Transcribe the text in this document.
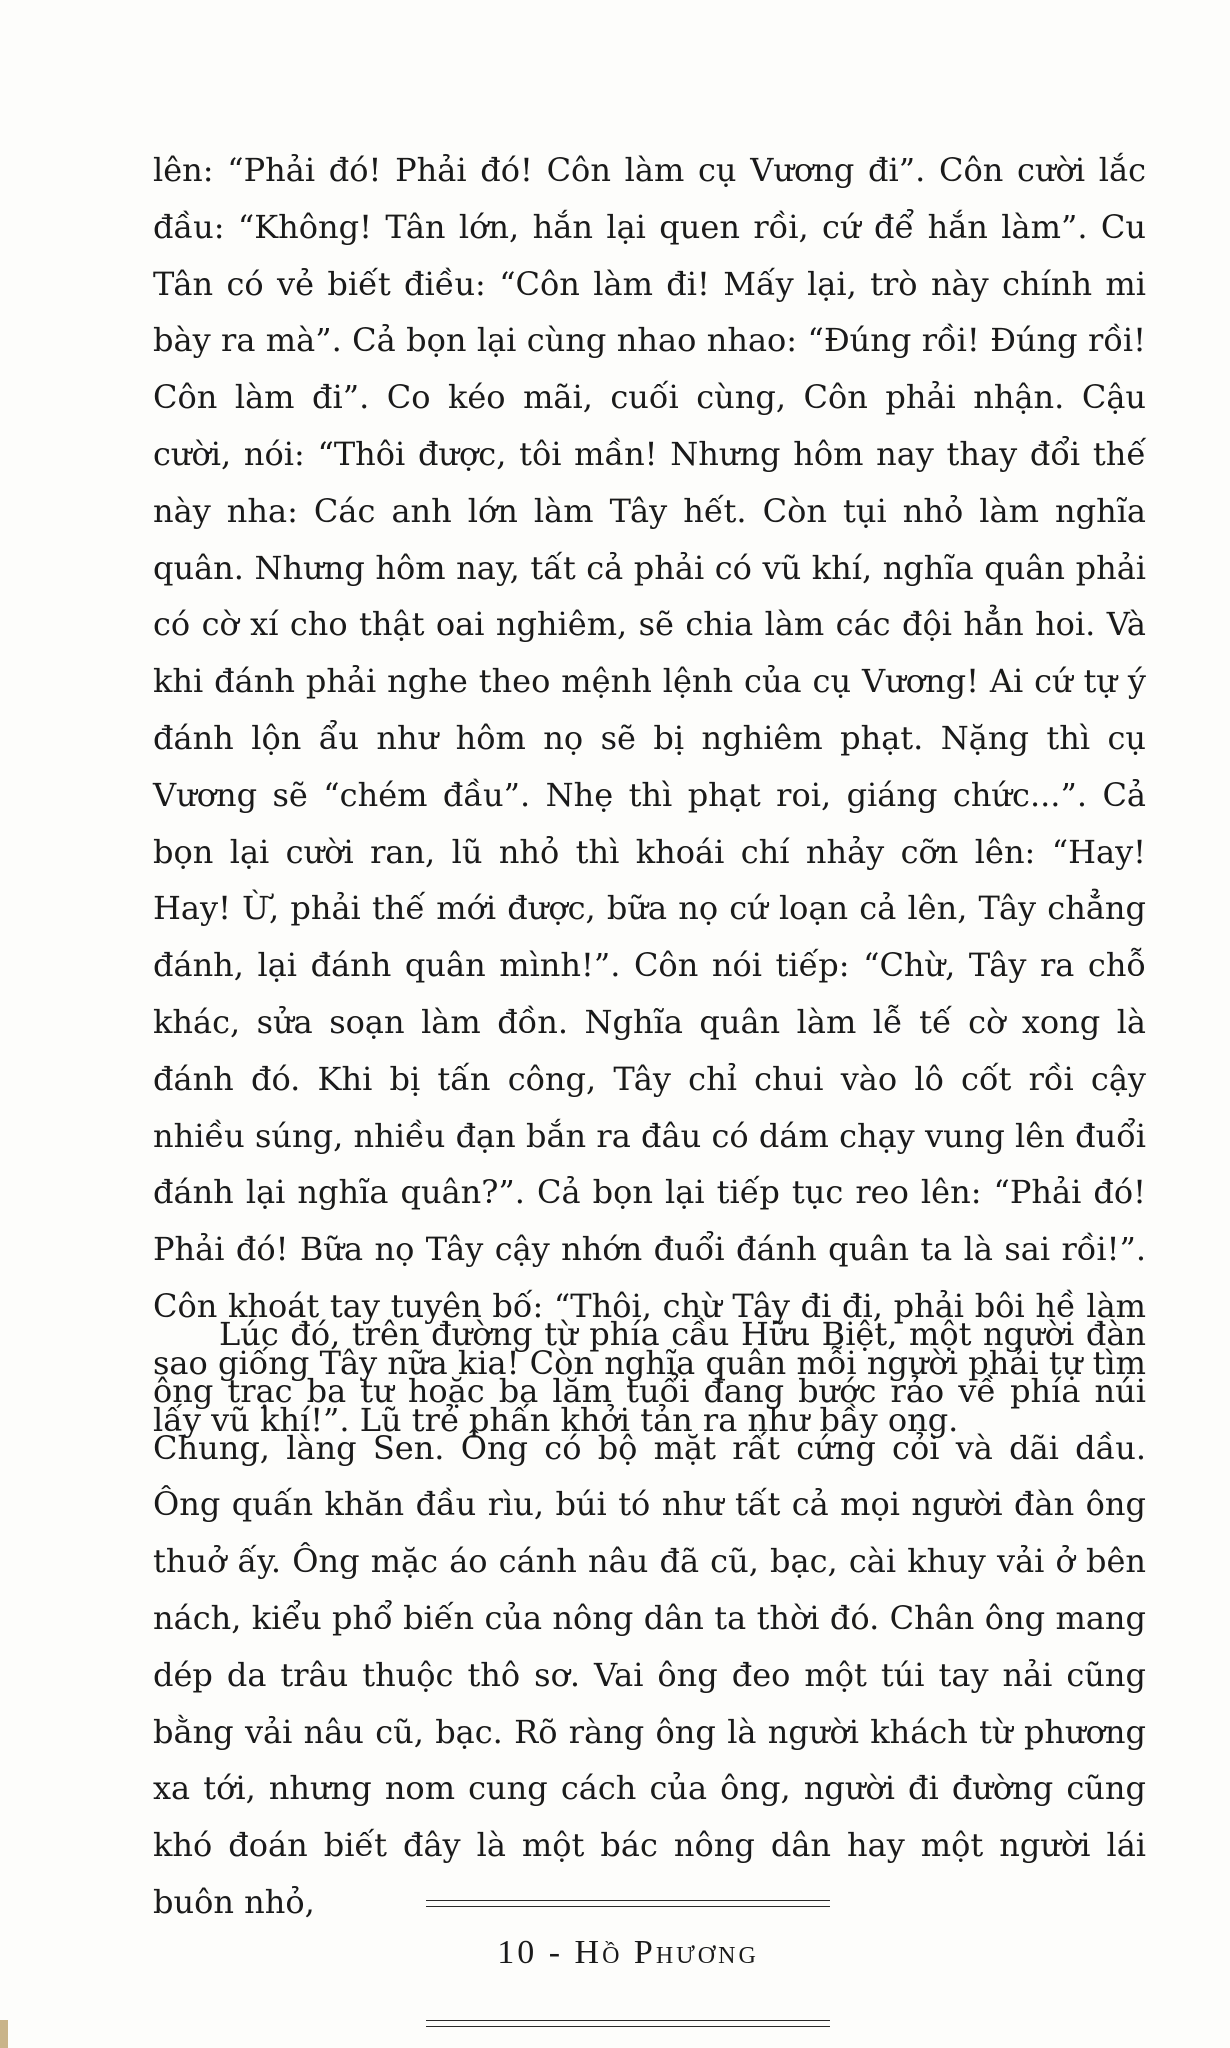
lên: “Phải đó! Phải đó! Côn làm cụ Vương đi”. Côn cười lắc đầu: “Không! Tân lớn, hắn lại quen rồi, cứ để hắn làm”. Cu Tân có vẻ biết điều: “Côn làm đi! Mấy lại, trò này chính mi bày ra mà”. Cả bọn lại cùng nhao nhao: “Đúng rồi! Đúng rồi! Côn làm đi”. Co kéo mãi, cuối cùng, Côn phải nhận. Cậu cười, nói: “Thôi được, tôi mần! Nhưng hôm nay thay đổi thế này nha: Các anh lớn làm Tây hết. Còn tụi nhỏ làm nghĩa quân. Nhưng hôm nay, tất cả phải có vũ khí, nghĩa quân phải có cờ xí cho thật oai nghiêm, sẽ chia làm các đội hẳn hoi. Và khi đánh phải nghe theo mệnh lệnh của cụ Vương! Ai cứ tự ý đánh lộn ẩu như hôm nọ sẽ bị nghiêm phạt. Nặng thì cụ Vương sẽ “chém đầu”. Nhẹ thì phạt roi, giáng chức...”. Cả bọn lại cười ran, lũ nhỏ thì khoái chí nhảy cỡn lên: “Hay! Hay! Ừ, phải thế mới được, bữa nọ cứ loạn cả lên, Tây chẳng đánh, lại đánh quân mình!”. Côn nói tiếp: “Chừ, Tây ra chỗ khác, sửa soạn làm đồn. Nghĩa quân làm lễ tế cờ xong là đánh đó. Khi bị tấn công, Tây chỉ chui vào lô cốt rồi cậy nhiều súng, nhiều đạn bắn ra đâu có dám chạy vung lên đuổi đánh lại nghĩa quân?”. Cả bọn lại tiếp tục reo lên: “Phải đó! Phải đó! Bữa nọ Tây cậy nhớn đuổi đánh quân ta là sai rồi!”. Côn khoát tay tuyên bố: “Thôi, chừ Tây đi đi, phải bôi hề làm sao giống Tây nữa kia! Còn nghĩa quân mỗi người phải tự tìm lấy vũ khí!”. Lũ trẻ phấn khởi tản ra như bầy ong.

Lúc đó, trên đường từ phía cầu Hữu Biệt, một người đàn ông trạc ba tư hoặc ba lăm tuổi đang bước rảo về phía núi Chung, làng Sen. Ông có bộ mặt rất cứng cỏi và dãi dầu. Ông quấn khăn đầu rìu, búi tó như tất cả mọi người đàn ông thuở ấy. Ông mặc áo cánh nâu đã cũ, bạc, cài khuy vải ở bên nách, kiểu phổ biến của nông dân ta thời đó. Chân ông mang dép da trâu thuộc thô sơ. Vai ông đeo một túi tay nải cũng bằng vải nâu cũ, bạc. Rõ ràng ông là người khách từ phương xa tới, nhưng nom cung cách của ông, người đi đường cũng khó đoán biết đây là một bác nông dân hay một người lái buôn nhỏ,

10 - Hồ Phương
